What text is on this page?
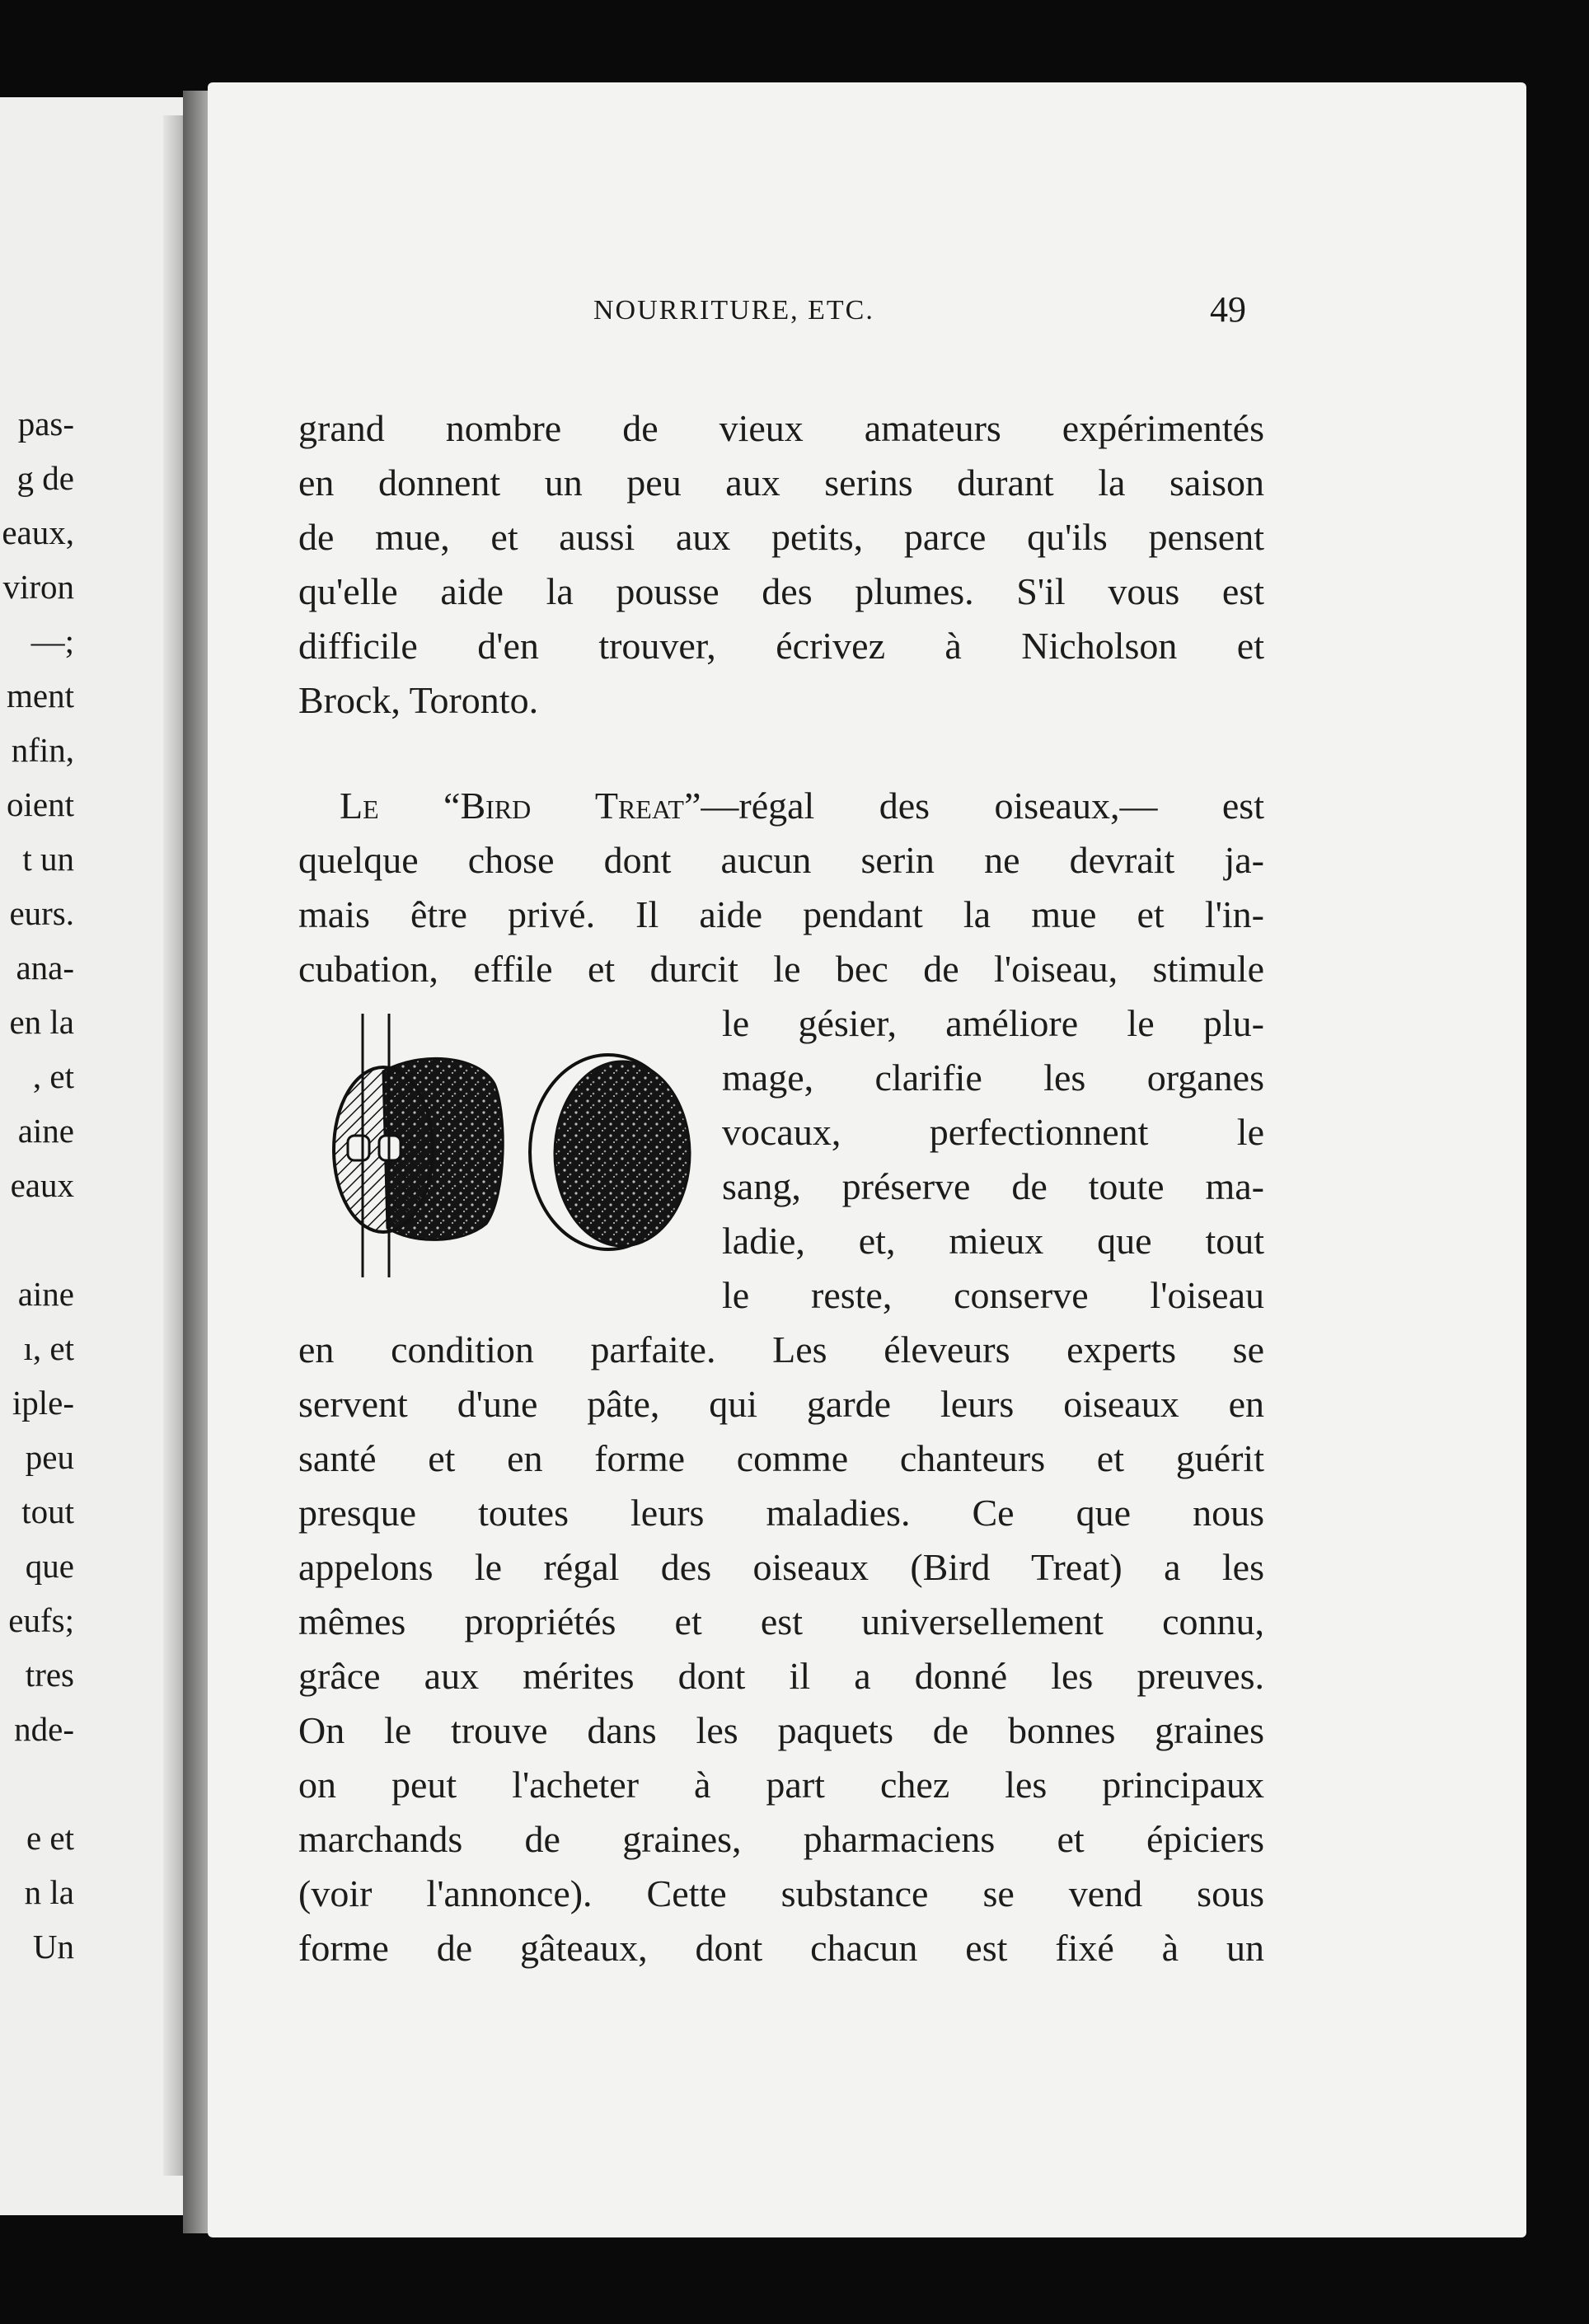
pas-
g de
eaux,
viron
—;
ment
nfin,
oient
t un
eurs.
ana-
en la
, et
aine
eaux
aine
ı, et
iple-
peu
tout
que
eufs;
tres
nde-
e et
n la
Un
NOURRITURE, ETC.	49
grand nombre de vieux amateurs expérimentés
en donnent un peu aux serins durant la saison
de mue, et aussi aux petits, parce qu'ils pensent
qu'elle aide la pousse des plumes. S'il vous est
difficile d'en trouver, écrivez à Nicholson et
Brock, Toronto.
Le “Bird Treat”—régal des oiseaux,— est
quelque chose dont aucun serin ne devrait ja-
mais être privé. Il aide pendant la mue et l'in-
cubation, effile et durcit le bec de l'oiseau, stimule
le gésier, améliore le plu-
mage, clarifie les organes
vocaux, perfectionnent le
sang, préserve de toute ma-
ladie, et, mieux que tout
le reste, conserve l'oiseau
en condition parfaite. Les éleveurs experts se
servent d'une pâte, qui garde leurs oiseaux en
santé et en forme comme chanteurs et guérit
presque toutes leurs maladies. Ce que nous
appelons le régal des oiseaux (Bird Treat) a les
mêmes propriétés et est universellement connu,
grâce aux mérites dont il a donné les preuves.
On le trouve dans les paquets de bonnes graines
on peut l'acheter à part chez les principaux
marchands de graines, pharmaciens et épiciers
(voir l'annonce). Cette substance se vend sous
forme de gâteaux, dont chacun est fixé à un
